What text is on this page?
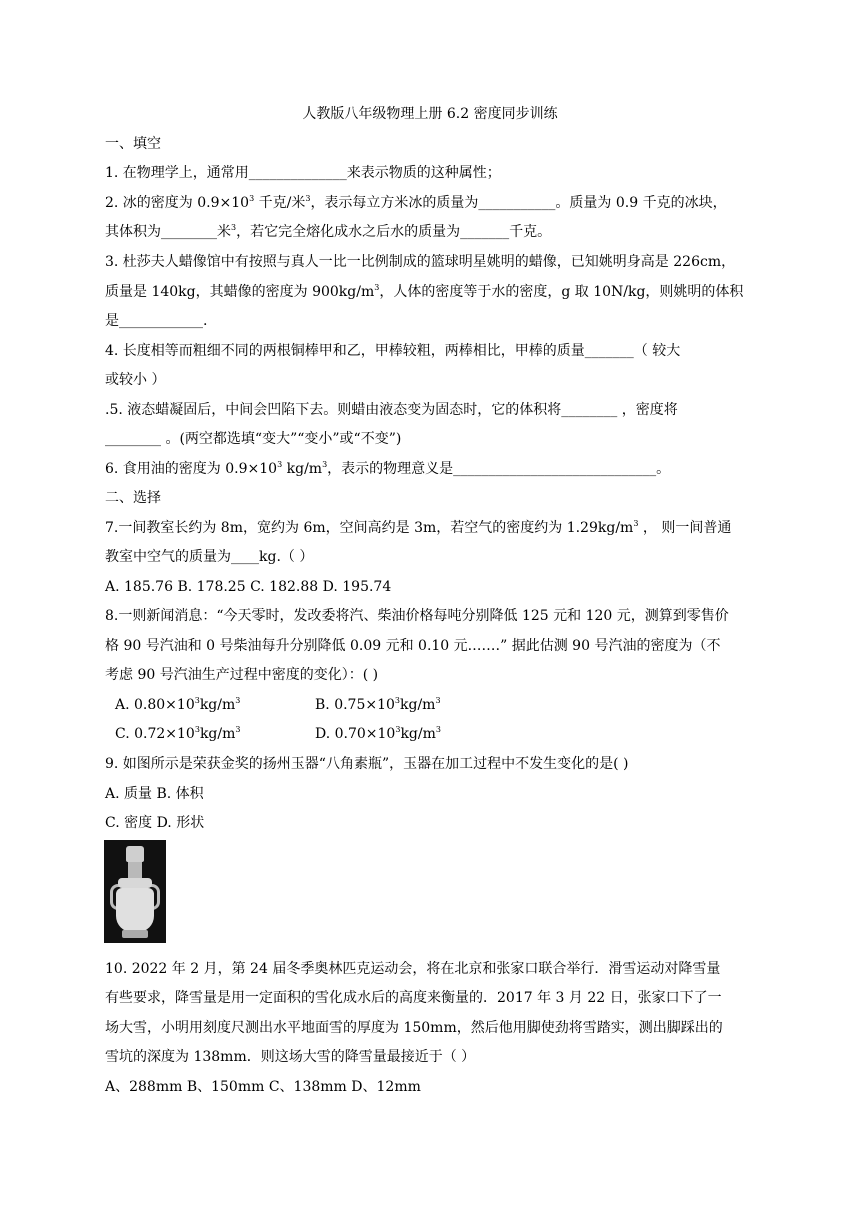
人教版八年级物理上册 6.2 密度同步训练
一、填空
1. 在物理学上，通常用______________来表示物质的这种属性；
2. 冰的密度为 $0.9\times 10^3$ 千克/米$^3$，表示每立方米冰的质量为___________。质量为 0.9 千克的冰块，
其体积为________米$^3$，若它完全熔化成水之后水的质量为_______千克。
3. 杜莎夫人蜡像馆中有按照与真人一比一比例制成的篮球明星姚明的蜡像，已知姚明身高是 226cm，
质量是 140kg，其蜡像的密度为 $900kg/m^3$，人体的密度等于水的密度，g 取 10N/kg，则姚明的体积
是____________.
4. 长度相等而粗细不同的两根铜棒甲和乙，甲棒较粗，两棒相比，甲棒的质量_______（ 较大
或较小 ）
.5. 液态蜡凝固后，中间会凹陷下去。则蜡由液态变为固态时，它的体积将________ ，密度将
________ 。(两空都选填“变大”“变小”或“不变”)
6. 食用油的密度为 $0.9\times 10^3$ $kg/m^3$，表示的物理意义是_____________________________。
二、选择
7.一间教室长约为 8m，宽约为 6m，空间高约是 3m，若空气的密度约为 $1.29kg/m^3$ ， 则一间普通
教室中空气的质量为____kg.（ ）
A. 185.76 B. 178.25 C. 182.88 D. 195.74
8.一则新闻消息：“今天零时，发改委将汽、柴油价格每吨分别降低 125 元和 120 元，测算到零售价
格 90 号汽油和 0 号柴油每升分别降低 0.09 元和 0.10 元.……” 据此估测 90 号汽油的密度为（不
考虑 90 号汽油生产过程中密度的变化）：( )
A. $0.80\times 10^3kg/m^3$	B. $0.75\times 10^3kg/m^3$
C. $0.72\times 10^3kg/m^3$	D. $0.70\times 10^3kg/m^3$
9. 如图所示是荣获金奖的扬州玉器“八角素瓶”，玉器在加工过程中不发生变化的是( )
A. 质量 B. 体积
C. 密度 D. 形状
10. 2022 年 2 月，第 24 届冬季奥林匹克运动会，将在北京和张家口联合举行．滑雪运动对降雪量
有些要求，降雪量是用一定面积的雪化成水后的高度来衡量的．2017 年 3 月 22 日，张家口下了一
场大雪，小明用刻度尺测出水平地面雪的厚度为 150mm，然后他用脚使劲将雪踏实，测出脚踩出的
雪坑的深度为 138mm．则这场大雪的降雪量最接近于（ ）
A、288mm B、150mm C、138mm D、12mm
